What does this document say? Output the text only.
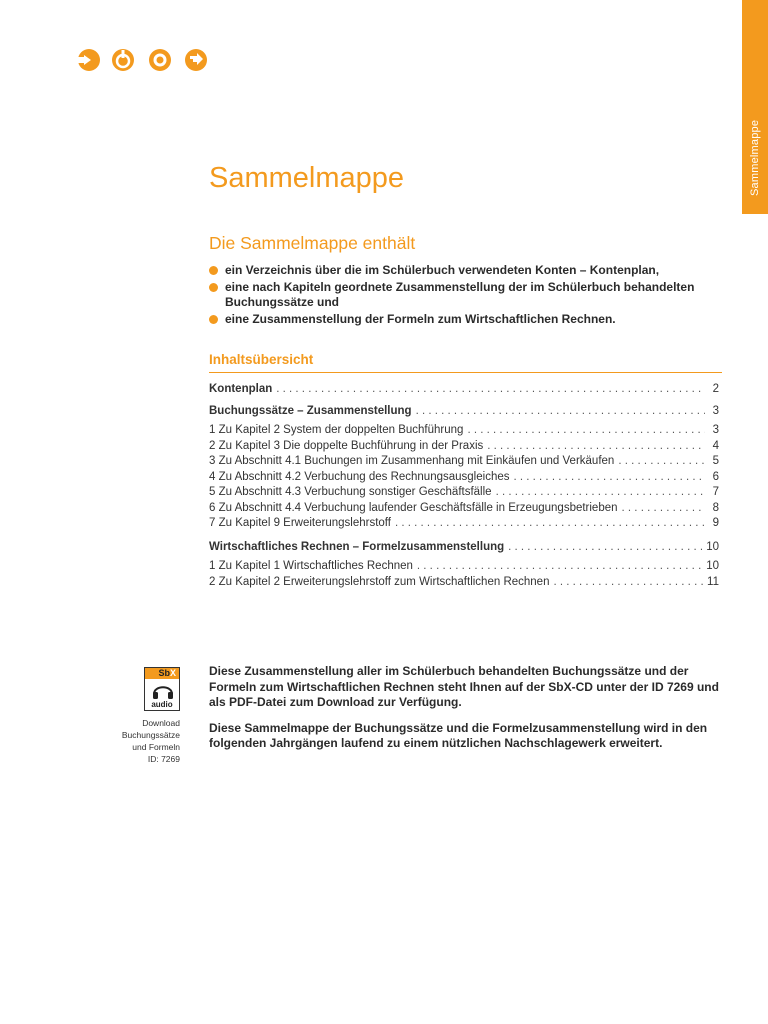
Sammelmappe
Sammelmappe
Die Sammelmappe enthält
ein Verzeichnis über die im Schülerbuch verwendeten Konten – Kontenplan,
eine nach Kapiteln geordnete Zusammenstellung der im Schülerbuch behandelten Buchungssätze und
eine Zusammenstellung der Formeln zum Wirtschaftlichen Rechnen.
Inhaltsübersicht
Kontenplan . . .	2
Buchungssätze – Zusammenstellung . . .	3
1 Zu Kapitel 2 System der doppelten Buchführung . . .	3
2 Zu Kapitel 3 Die doppelte Buchführung in der Praxis . . .	4
3 Zu Abschnitt 4.1 Buchungen im Zusammenhang mit Einkäufen und Verkäufen . . .	5
4 Zu Abschnitt 4.2 Verbuchung des Rechnungsausgleiches . . .	6
5 Zu Abschnitt 4.3 Verbuchung sonstiger Geschäftsfälle . . .	7
6 Zu Abschnitt 4.4 Verbuchung laufender Geschäftsfälle in Erzeugungsbetrieben . . .	8
7 Zu Kapitel 9 Erweiterungslehrstoff . . .	9
Wirtschaftliches Rechnen – Formelzusammenstellung . . .	10
1 Zu Kapitel 1 Wirtschaftliches Rechnen . . .	10
2 Zu Kapitel 2 Erweiterungslehrstoff zum Wirtschaftlichen Rechnen . . .	11
SbX
audio
Download
Buchungssätze
und Formeln
ID: 7269

Diese Zusammenstellung aller im Schülerbuch behandelten Buchungssätze und der Formeln zum Wirtschaftlichen Rechnen steht Ihnen auf der SbX-CD unter der ID 7269 und als PDF-Datei zum Download zur Verfügung.

Diese Sammelmappe der Buchungssätze und die Formelzusammenstellung wird in den folgenden Jahrgängen laufend zu einem nützlichen Nachschlagewerk erweitert.
